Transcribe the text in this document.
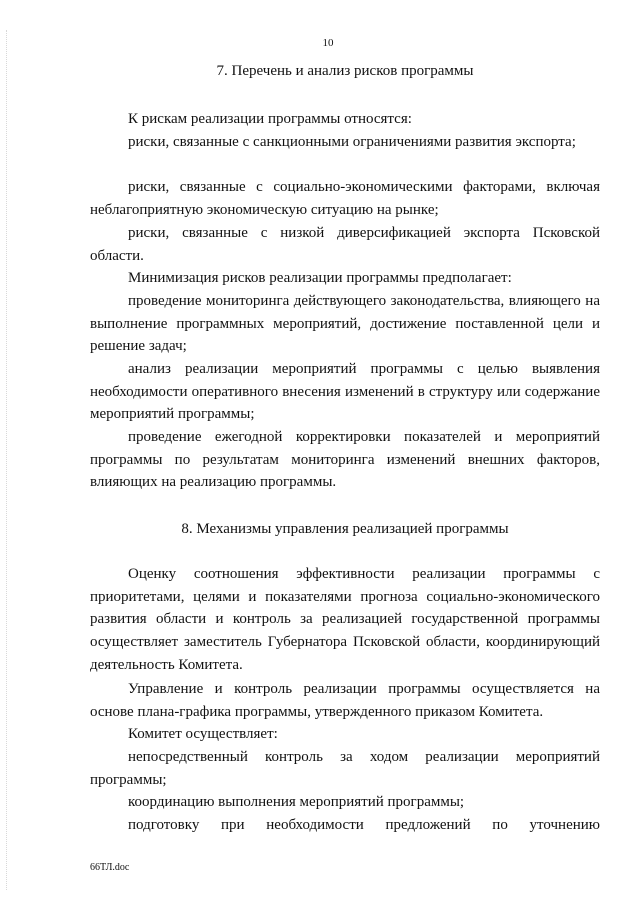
10
7. Перечень и анализ рисков программы

К рискам реализации программы относятся:

риски, связанные с санкционными ограничениями развития экспорта;

риски, связанные с социально-экономическими факторами, включая неблагоприятную экономическую ситуацию на рынке;

риски, связанные с низкой диверсификацией экспорта Псковской области.

Минимизация рисков реализации программы предполагает:

проведение мониторинга действующего законодательства, влияющего на выполнение программных мероприятий, достижение поставленной цели и решение задач;

анализ реализации мероприятий программы с целью выявления необходимости оперативного внесения изменений в структуру или содержание мероприятий программы;

проведение ежегодной корректировки показателей и мероприятий программы по результатам мониторинга изменений внешних факторов, влияющих на реализацию программы.

8. Механизмы управления реализацией программы

Оценку соотношения эффективности реализации программы с приоритетами, целями и показателями прогноза социально-экономического развития области и контроль за реализацией государственной программы осуществляет заместитель Губернатора Псковской области, координирующий деятельность Комитета.

Управление и контроль реализации программы осуществляется на основе плана-графика программы, утвержденного приказом Комитета.

Комитет осуществляет:

непосредственный контроль за ходом реализации мероприятий программы;

координацию выполнения мероприятий программы;

подготовку при необходимости предложений по уточнению

66ТЛ.doc
